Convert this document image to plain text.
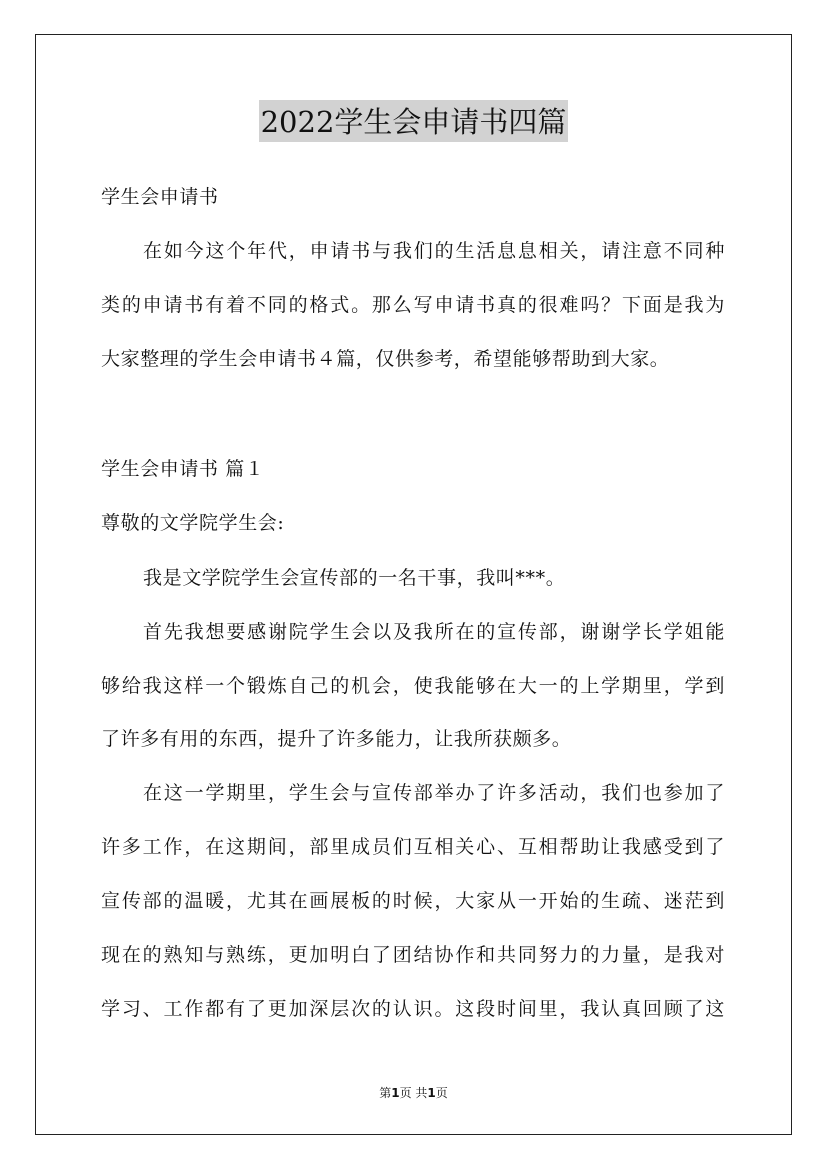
2022学生会申请书四篇
学生会申请书
在如今这个年代，申请书与我们的生活息息相关，请注意不同种
类的申请书有着不同的格式。那么写申请书真的很难吗？下面是我为
大家整理的学生会申请书４篇，仅供参考，希望能够帮助到大家。
学生会申请书 篇１
尊敬的文学院学生会:
我是文学院学生会宣传部的一名干事，我叫***。
首先我想要感谢院学生会以及我所在的宣传部，谢谢学长学姐能
够给我这样一个锻炼自己的机会，使我能够在大一的上学期里，学到
了许多有用的东西，提升了许多能力，让我所获颇多。
在这一学期里，学生会与宣传部举办了许多活动，我们也参加了
许多工作，在这期间，部里成员们互相关心、互相帮助让我感受到了
宣传部的温暖，尤其在画展板的时候，大家从一开始的生疏、迷茫到
现在的熟知与熟练，更加明白了团结协作和共同努力的力量，是我对
学习、工作都有了更加深层次的认识。这段时间里，我认真回顾了这
第1页 共1页
